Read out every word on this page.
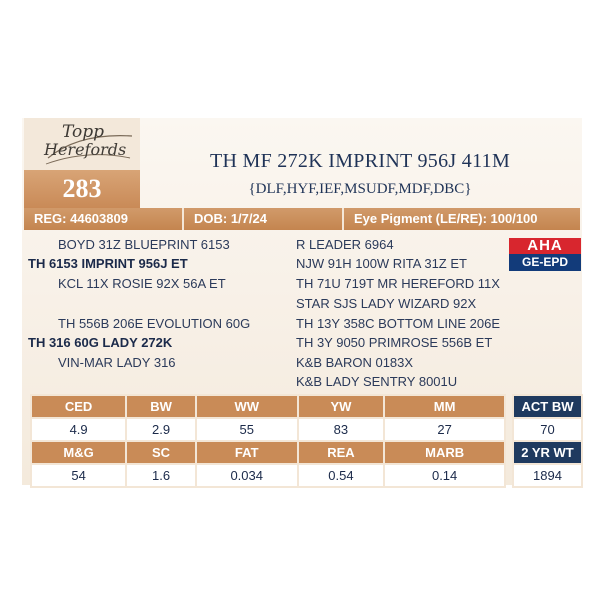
Topp
Herefords
283
TH MF 272K IMPRINT 956J 411M
{DLF,HYF,IEF,MSUDF,MDF,DBC}
REG: 44603809	DOB: 1/7/24	Eye Pigment (LE/RE): 100/100
BOYD 31Z BLUEPRINT 6153
TH 6153 IMPRINT 956J ET
KCL 11X ROSIE 92X 56A ET
TH 556B 206E EVOLUTION 60G
TH 316 60G LADY 272K
VIN-MAR LADY 316
R LEADER 6964
NJW 91H 100W RITA 31Z ET
TH 71U 719T MR HEREFORD 11X
STAR SJS LADY WIZARD 92X
TH 13Y 358C BOTTOM LINE 206E
TH 3Y 9050 PRIMROSE 556B ET
K&B BARON 0183X
K&B LADY SENTRY 8001U
AHA
GE-EPD
CED	BW	WW	YW	MM
4.9	2.9	55	83	27
M&G	SC	FAT	REA	MARB
54	1.6	0.034	0.54	0.14
ACT BW
70
2 YR WT
1894
